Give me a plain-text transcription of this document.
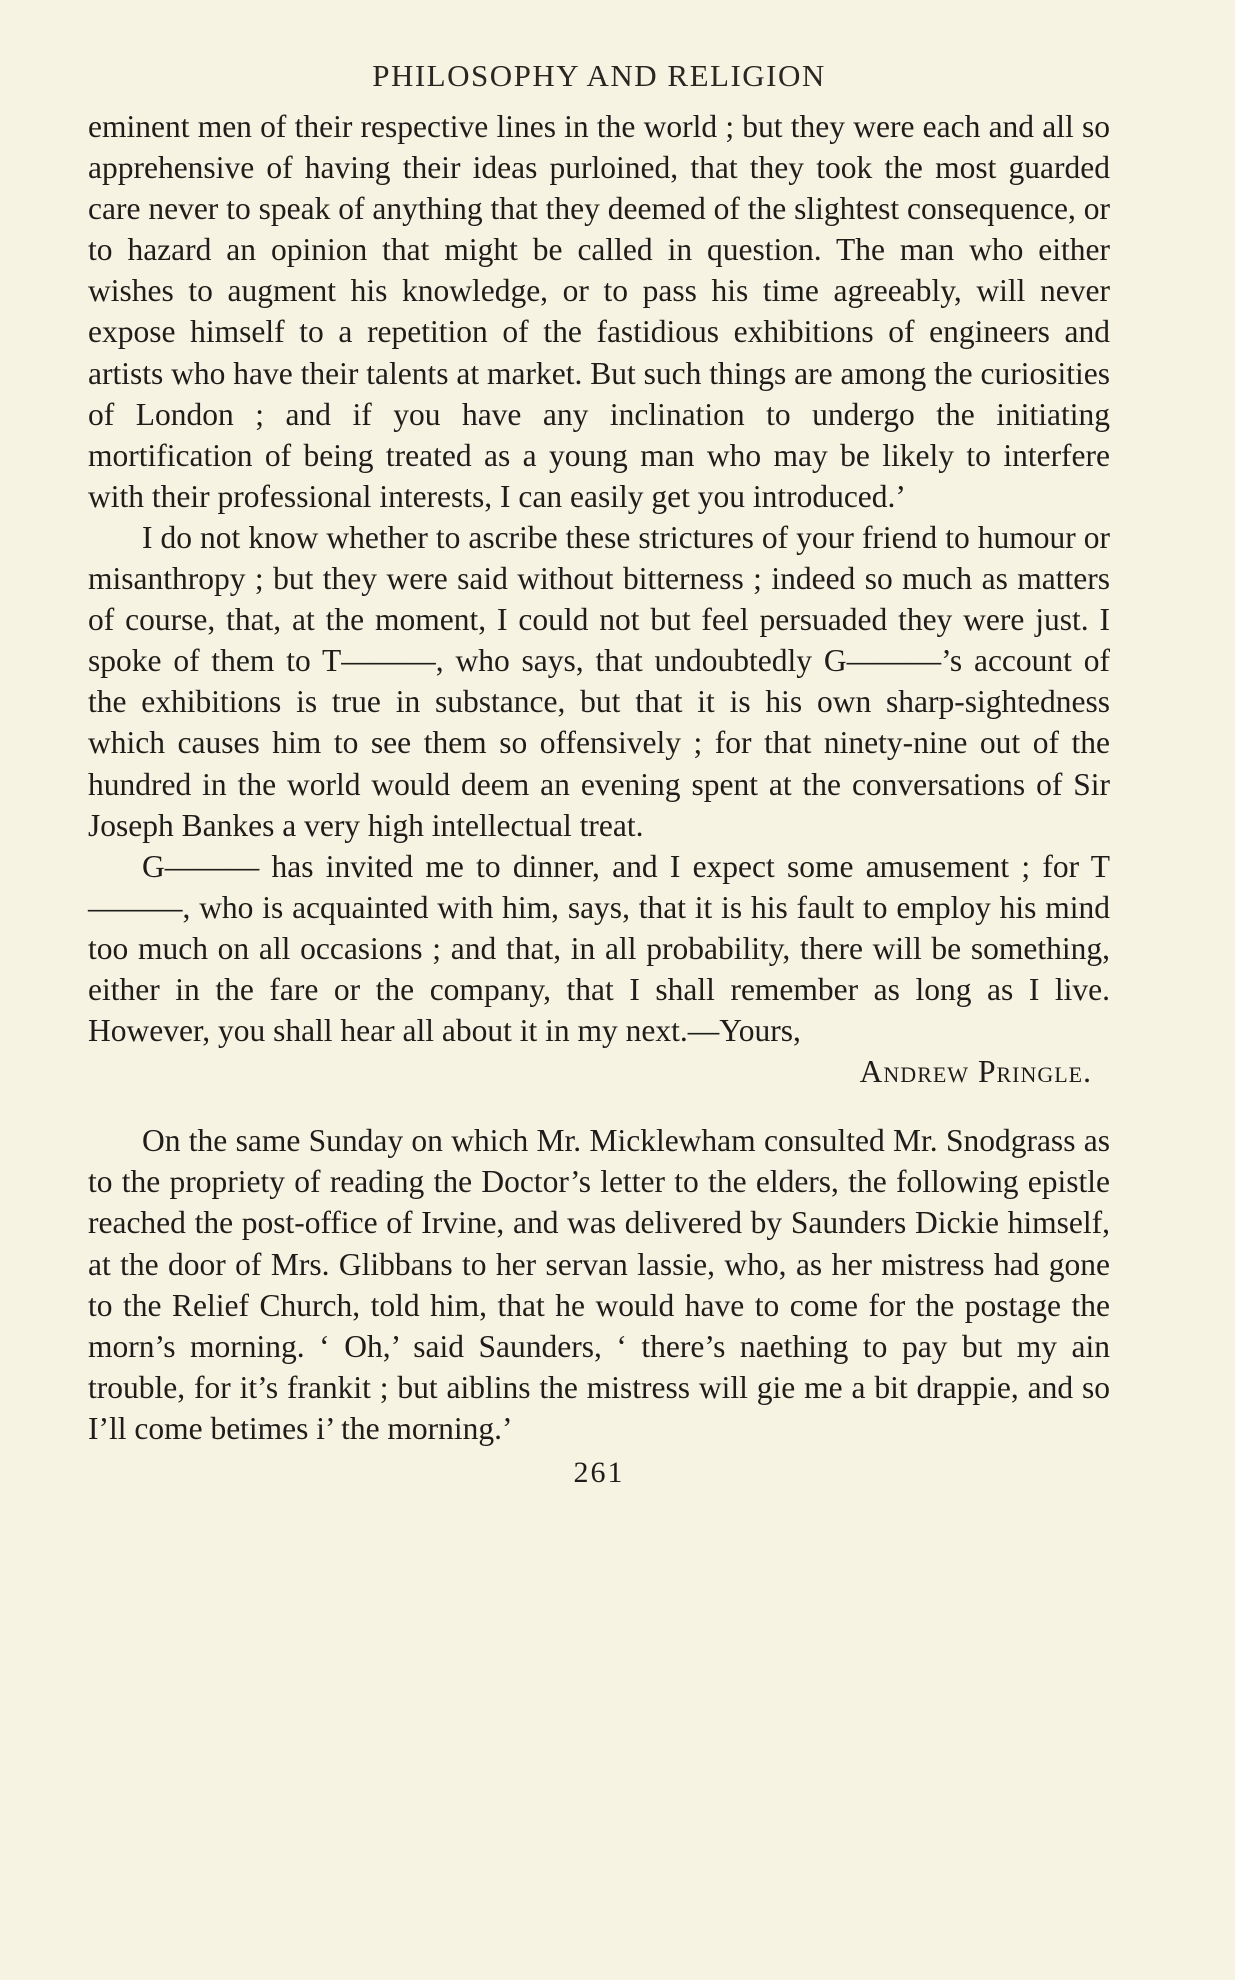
PHILOSOPHY AND RELIGION

eminent men of their respective lines in the world ; but they were each and all so apprehensive of having their ideas purloined, that they took the most guarded care never to speak of anything that they deemed of the slightest consequence, or to hazard an opinion that might be called in question. The man who either wishes to augment his knowledge, or to pass his time agreeably, will never expose himself to a repetition of the fastidious exhibitions of engineers and artists who have their talents at market. But such things are among the curiosities of London ; and if you have any inclination to undergo the initiating mortification of being treated as a young man who may be likely to interfere with their professional interests, I can easily get you introduced.’

I do not know whether to ascribe these strictures of your friend to humour or misanthropy ; but they were said without bitterness ; indeed so much as matters of course, that, at the moment, I could not but feel persuaded they were just. I spoke of them to T———, who says, that undoubtedly G———’s account of the exhibitions is true in substance, but that it is his own sharp-sightedness which causes him to see them so offensively ; for that ninety-nine out of the hundred in the world would deem an evening spent at the conversations of Sir Joseph Bankes a very high intellectual treat.

G——— has invited me to dinner, and I expect some amusement ; for T———, who is acquainted with him, says, that it is his fault to employ his mind too much on all occasions ; and that, in all probability, there will be something, either in the fare or the company, that I shall remember as long as I live. However, you shall hear all about it in my next.—Yours,

Andrew Pringle.

On the same Sunday on which Mr. Micklewham consulted Mr. Snodgrass as to the propriety of reading the Doctor’s letter to the elders, the following epistle reached the post-office of Irvine, and was delivered by Saunders Dickie himself, at the door of Mrs. Glibbans to her servan lassie, who, as her mistress had gone to the Relief Church, told him, that he would have to come for the postage the morn’s morning. ‘ Oh,’ said Saunders, ‘ there’s naething to pay but my ain trouble, for it’s frankit ; but aiblins the mistress will gie me a bit drappie, and so I’ll come betimes i’ the morning.’

261
